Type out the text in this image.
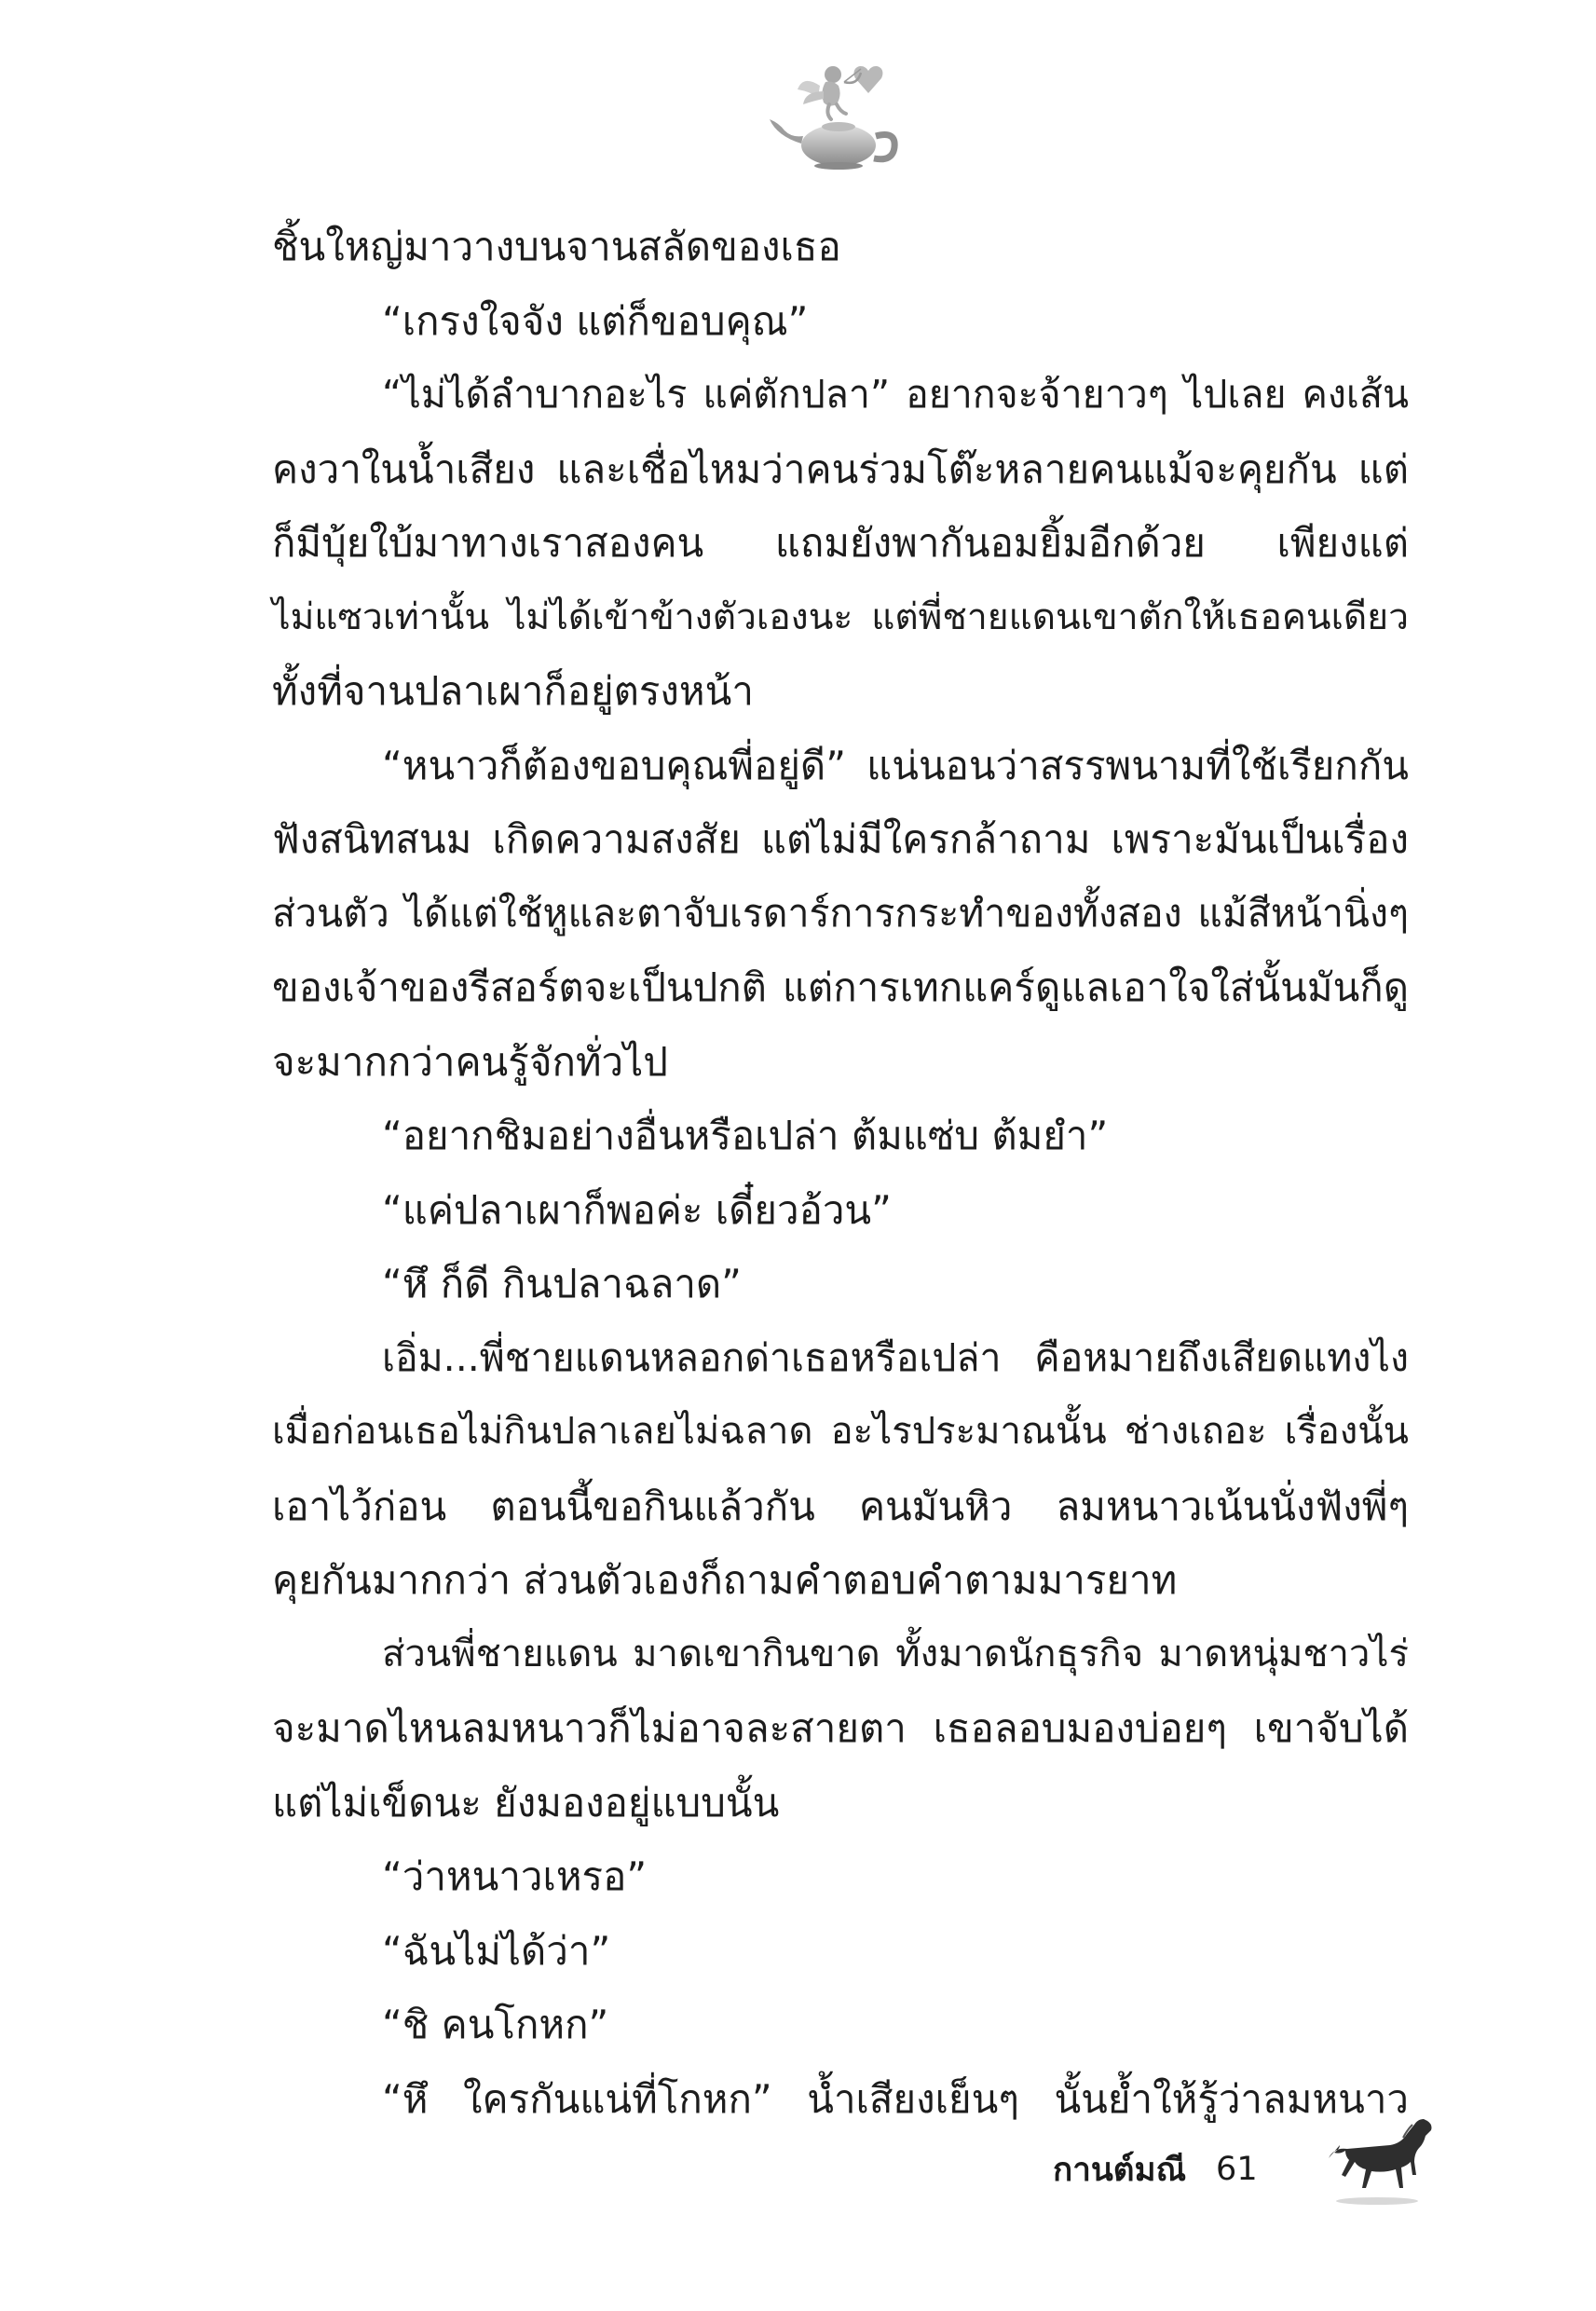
ชิ้นใหญ่มาวางบนจานสลัดของเธอ

“เกรงใจจัง แต่ก็ขอบคุณ”

“ไม่ได้ลำบากอะไร แค่ตักปลา” อยากจะจ้ายาวๆ ไปเลย คงเส้น

คงวาในน้ำเสียง และเชื่อไหมว่าคนร่วมโต๊ะหลายคนแม้จะคุยกัน แต่

ก็มีบุ้ยใบ้มาทางเราสองคน แถมยังพากันอมยิ้มอีกด้วย เพียงแต่

ไม่แซวเท่านั้น ไม่ได้เข้าข้างตัวเองนะ แต่พี่ชายแดนเขาตักให้เธอคนเดียว

ทั้งที่จานปลาเผาก็อยู่ตรงหน้า

“หนาวก็ต้องขอบคุณพี่อยู่ดี” แน่นอนว่าสรรพนามที่ใช้เรียกกัน

ฟังสนิทสนม เกิดความสงสัย แต่ไม่มีใครกล้าถาม เพราะมันเป็นเรื่อง

ส่วนตัว ได้แต่ใช้หูและตาจับเรดาร์การกระทำของทั้งสอง แม้สีหน้านิ่งๆ

ของเจ้าของรีสอร์ตจะเป็นปกติ แต่การเทกแคร์ดูแลเอาใจใส่นั้นมันก็ดู

จะมากกว่าคนรู้จักทั่วไป

“อยากชิมอย่างอื่นหรือเปล่า ต้มแซ่บ ต้มยำ”

“แค่ปลาเผาก็พอค่ะ เดี๋ยวอ้วน”

“หึ ก็ดี กินปลาฉลาด”

เอิ่ม...พี่ชายแดนหลอกด่าเธอหรือเปล่า คือหมายถึงเสียดแทงไง

เมื่อก่อนเธอไม่กินปลาเลยไม่ฉลาด อะไรประมาณนั้น ช่างเถอะ เรื่องนั้น

เอาไว้ก่อน ตอนนี้ขอกินแล้วกัน คนมันหิว ลมหนาวเน้นนั่งฟังพี่ๆ

คุยกันมากกว่า ส่วนตัวเองก็ถามคำตอบคำตามมารยาท

ส่วนพี่ชายแดน มาดเขากินขาด ทั้งมาดนักธุรกิจ มาดหนุ่มชาวไร่

จะมาดไหนลมหนาวก็ไม่อาจละสายตา เธอลอบมองบ่อยๆ เขาจับได้

แต่ไม่เข็ดนะ ยังมองอยู่แบบนั้น

“ว่าหนาวเหรอ”

“ฉันไม่ได้ว่า”

“ชิ คนโกหก”

“หึ ใครกันแน่ที่โกหก” น้ำเสียงเย็นๆ นั้นย้ำให้รู้ว่าลมหนาว

กานต์มณี 61
